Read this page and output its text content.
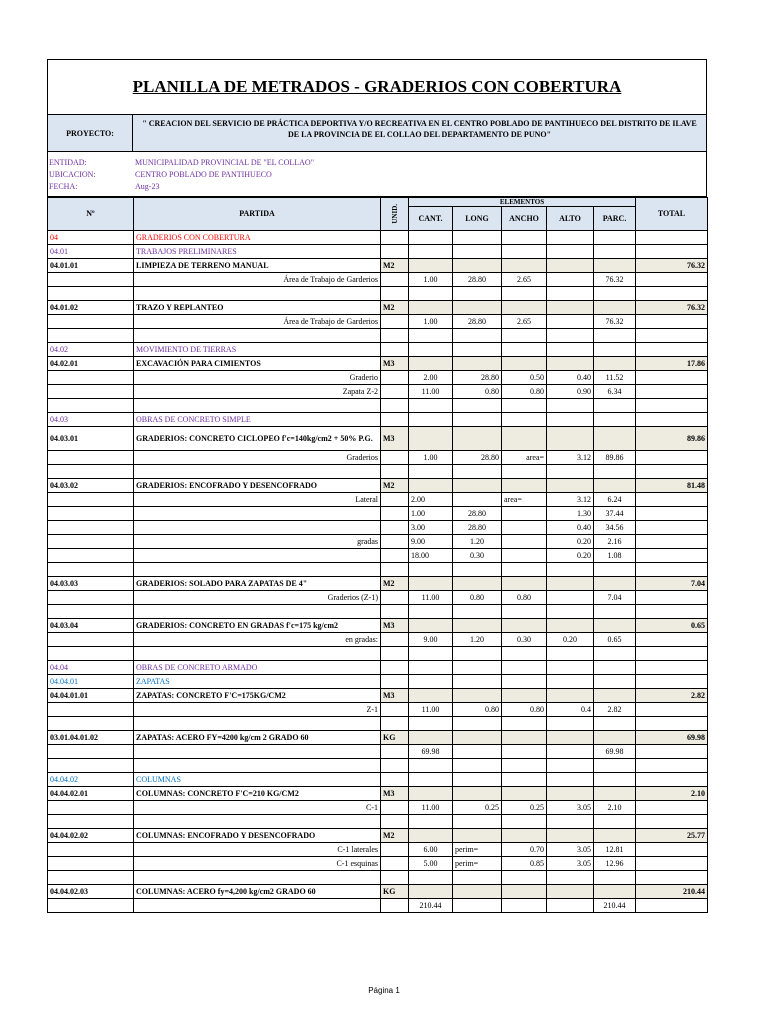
PLANILLA DE METRADOS - GRADERIOS CON COBERTURA
PROYECTO:
" CREACION DEL SERVICIO DE PRÁCTICA DEPORTIVA Y/O RECREATIVA EN EL CENTRO POBLADO DE PANTIHUECO DEL DISTRITO DE ILAVE DE LA PROVINCIA DE EL COLLAO DEL DEPARTAMENTO DE PUNO"
ENTIDAD:	MUNICIPALIDAD PROVINCIAL DE "EL COLLAO"
UBICACION:	CENTRO POBLADO DE PANTIHUECO
FECHA:	Aug-23
Nº	PARTIDA	UNID.	ELEMENTOS					TOTAL
			CANT.	LONG	ANCHO	ALTO	PARC.	
04	GRADERIOS CON COBERTURA							
04.01	TRABAJOS PRELIMINARES							
04.01.01	LIMPIEZA DE TERRENO MANUAL	M2						76.32
	Área de Trabajo de Garderios		1.00	28.80	2.65		76.32	

04.01.02	TRAZO Y REPLANTEO	M2						76.32
	Área de Trabajo de Garderios		1.00	28.80	2.65		76.32	

04.02	MOVIMIENTO DE TIERRAS							
04.02.01	EXCAVACIÓN PARA CIMIENTOS	M3						17.86
	Graderio		2.00	28.80	0.50	0.40	11.52	
	Zapata Z-2		11.00	0.80	0.80	0.90	6.34	

04.03	OBRAS DE CONCRETO SIMPLE							
04.03.01	GRADERIOS: CONCRETO CICLOPEO f'c=140kg/cm2 + 50% P.G.	M3						89.86
	Graderios		1.00	28.80	area=	3.12	89.86	

04.03.02	GRADERIOS: ENCOFRADO Y DESENCOFRADO	M2						81.48
	Lateral		2.00		area=	3.12	6.24	
			1.00	28.80		1.30	37.44	
			3.00	28.80		0.40	34.56	
	gradas		9.00	1.20		0.20	2.16	
			18.00	0.30		0.20	1.08	

04.03.03	GRADERIOS: SOLADO PARA ZAPATAS DE 4"	M2						7.04
	Graderios (Z-1)		11.00	0.80	0.80		7.04	

04.03.04	GRADERIOS: CONCRETO EN GRADAS f'c=175 kg/cm2	M3						0.65
	en gradas:		9.00	1.20	0.30	0.20	0.65	

04.04	OBRAS DE CONCRETO ARMADO							
04.04.01	ZAPATAS							
04.04.01.01	ZAPATAS: CONCRETO F'C=175KG/CM2	M3						2.82
	Z-1		11.00	0.80	0.80	0.4	2.82	

03.01.04.01.02	ZAPATAS: ACERO FY=4200 kg/cm 2 GRADO 60	KG						69.98
			69.98				69.98	

04.04.02	COLUMNAS							
04.04.02.01	COLUMNAS: CONCRETO F'C=210 KG/CM2	M3						2.10
	C-1		11.00	0.25	0.25	3.05	2.10	

04.04.02.02	COLUMNAS: ENCOFRADO Y DESENCOFRADO	M2						25.77
	C-1 laterales		6.00	perim=	0.70	3.05	12.81	
	C-1 esquinas		5.00	perim=	0.85	3.05	12.96	

04.04.02.03	COLUMNAS: ACERO fy=4,200 kg/cm2 GRADO 60	KG						210.44
			210.44				210.44	
Página 1
